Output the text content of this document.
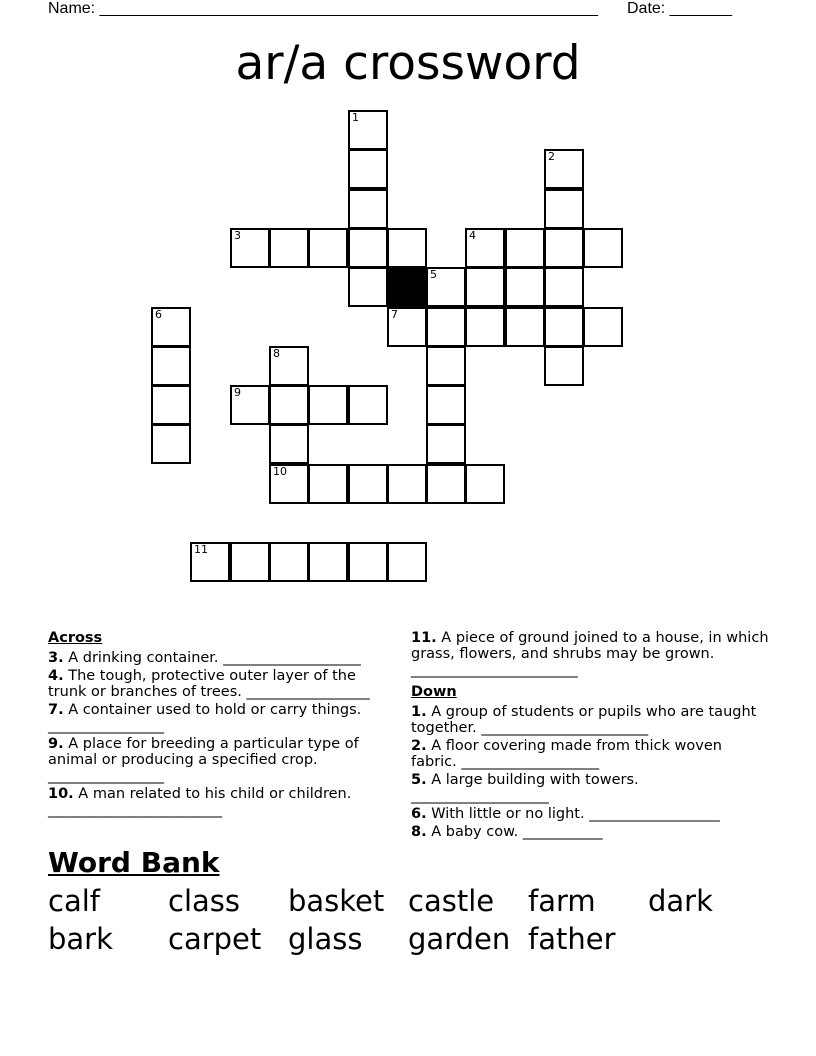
Name: ________________________________________________________ Date: _______
ar/a crossword
1
2
3	4
5
7
6
8
9
10
11
Across
3. A drinking container. ___________________
4. The tough, protective outer layer of the trunk or branches of trees. _________________
7. A container used to hold or carry things. ________________
9. A place for breeding a particular type of animal or producing a specified crop. ________________
10. A man related to his child or children. ________________________
11. A piece of ground joined to a house, in which grass, flowers, and shrubs may be grown. _______________________
Down
1. A group of students or pupils who are taught together. _______________________
2. A floor covering made from thick woven fabric. ___________________
5. A large building with towers. ___________________
6. With little or no light. __________________
8. A baby cow. ___________
Word Bank
calf class basket castle farm dark
bark carpet glass garden father
